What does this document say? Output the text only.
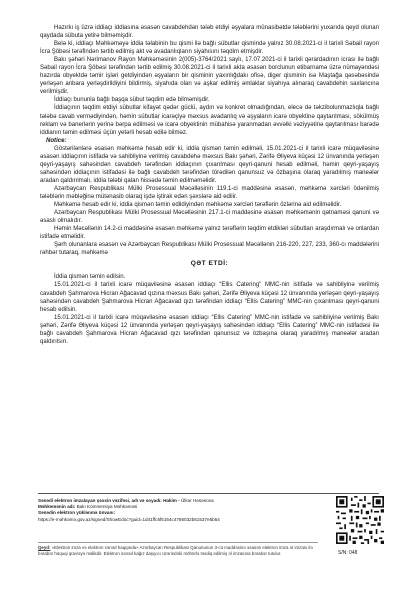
Hazırkı iş üzrə iddiaçı iddiasına əsasən cavabdehdən tələb etdiyi əşyalara münasibətdə tələblərini yuxarıda qeyd olunan qaydada sübuta yetirə bilməmişdir.

Belə ki, iddiaçı Məhkəməyə iddia təlabinin bu qismi ilə bağlı sübutlar qismində yalnız 30.08.2021-ci il tarixli Səbail rayon İcra Şöbəsi tərəfindən tərtib edilmiş akt və avadanlıqların siyahısını təqdim etmişdir.

Bakı şəhəri Nərimanov Rayon Məhkəməsinin 2(005)-3764/2021 saylı, 17.07.2021-ci il tarixli qərardadının icrası ilə bağlı Səbail rayon İcra Şöbəsi tərəfindən tərtib edilmiş 30.08.2021-ci il tarixli akta əsasən borclunun etibarnamə üzrə nümayəndəsi hazırda obyektdə təmir işləri getdiyindən əşyaların bir qisminin yaxınlığdakı ofisə, diger qisminin isə Maştağa qəsəbəsində yerləşən anbara yerləşdirildiyini bildirmiş, siyahıda olan və aşkar edilmiş əmlaklar siyahıya alınaraq cavabdehin saxlancına verilmişdir.

İddiaçı bununla bağlı başqa sübut təqdim edə bilməmişdir.

İddiaçının təqdim etdiyi sübutlar kifayət qədər güclü, aydın və konkret olmadığından, elecə də təkzibolunmazlıqla bağlı tələbə cavab vermədiyindən, həmin sübutlar icarəçiyə məxsus avadanlıq və əşyaların icarə obyektinə qaytarılması, sökülmüş reklam və banerlərin yerinə bərpa edilməsi və icarə obyektinin mübahisə yaranmadan əvvəlki vəziyyətinə qaytarılması barədə iddianın təmin edilməsi üçün yetərli hesab edilə bilməz.

Notice:

Göstərilənlərə əsasən məhkəmə hesab edir ki, iddia qismən təmin edilməli, 15.01.2021-ci il tarixli icarə müqaviləsinə əsasən iddiaçının istifadə və sahibliyinə verilmiş cavabdehə məxsus Bakı şəhəri, Zərifə Əliyeva küçəsi 12 ünvanında yerləşən qeyri-yaşayış sahəsindən cavabdeh tərəfindən iddiaçının çıxarılması qeyri-qanuni hesab edilməli, həmin qeyri-yaşayış sahəsindən iddiaçının istifadəsi ilə bağlı cavabdeh tərəfindən törədilən qanunsuz və özbaşına olaraq yaradılmış maneələr aradan qaldırılmalı, iddia tələbi qalan hissədə təmin edilməməlidir.

Azərbaycan Respublikası Mülki Prosessual Məcəlləsinin 119.1-ci maddəsinə əsasən, məhkəmə xərcləri ödənilmiş tələblərin məbləğinə mütənasib olaraq işdə iştirak edən şəxslərə aid edilir.

Məhkəmə hesab edir ki, iddia qismən təmin edildiyindən məhkəmə xərcləri tərəflərin özlərinə aid edilməlidir.

Azərbaycan Respublikası Mülki Prosessual Məcəlləsinin 217.1-ci maddəsinə əsasən məhkəmənin qətnaməsi qanuni və əsaslı olmalıdır.

Həmin Məcəllənin 14.2-ci maddəsinə əsasən məhkəmə yalnız tərəflərin təqdim etdikləri sübutları araşdırmalı və onlardan istifadə etməlidir.

Şərh olunanlara əsasən və Azərbaycan Respublikası Mülki Prosessual Məcəllənin 216-220, 227, 233, 360-cı maddələrini rəhbər tutaraq, məhkəmə

QƏT ETDİ:

İddia qismən təmin edilsin.

15.01.2021-ci il tarixli icarə müqaviləsinə əsasən iddiaçı “Ellis Catering” MMC-nin istifadə və sahibliyinə verilmiş cavabdeh Şahmarova Hicran Ağacavad qızına məxsus Bakı şəhəri, Zərifə Əliyeva küçəsi 12 ünvanında yerləşən qeyri-yaşayış sahəsindən cavabdeh Şahmarova Hicran Ağacavad qızı tərəfindən iddiaçı “Ellis Catering” MMC-nin çıxarılması qeyri-qanuni hesab edilsin.

15.01.2021-ci il tarixli icarə müqaviləsinə əsasən iddiaçı “Ellis Catering” MMC-nin istifadə və sahibliyinə verilmiş Bakı şəhəri, Zərifə Əliyeva küçəsi 12 ünvanında yerləşən qeyri-yaşayış sahəsindən iddiaçı “Ellis Catering” MMC-nin istifadəsi ilə bağlı cavabdeh Şahmarova Hicran Ağacavad qızı tərəfindən qanunsuz və özbaşına olaraq yaradılmış maneələr aradan qaldırılsın.

Sənədi elektron imzalayan şəxsin vəzifəsi, adı və soyadı: Hakim - Ülkər Həsənova
Məhkəmənin adı: Bakı Kommersiya Məhkəməsi
Sənədin elektron yüklənmə ünvanı:
https://e-məhkəmə.gov.az/signed/ShowEdoc?guid=1d41ffc5f5164c4786032b61537e5b54
Qeyd: «Elektron imza və elektron sənəd haqqında» Azərbaycan Respublikası Qanununun 3-cü maddəsinə əsasən elektron imza ət imzası ilə bərabər hüquqi qüvvəyə malikdir. Elektron sənəd kağız daşıyıcı üzərindəki möhürlə təsdiq edilmiş əl imzasına bərabər tutulur.	S/N: 048
